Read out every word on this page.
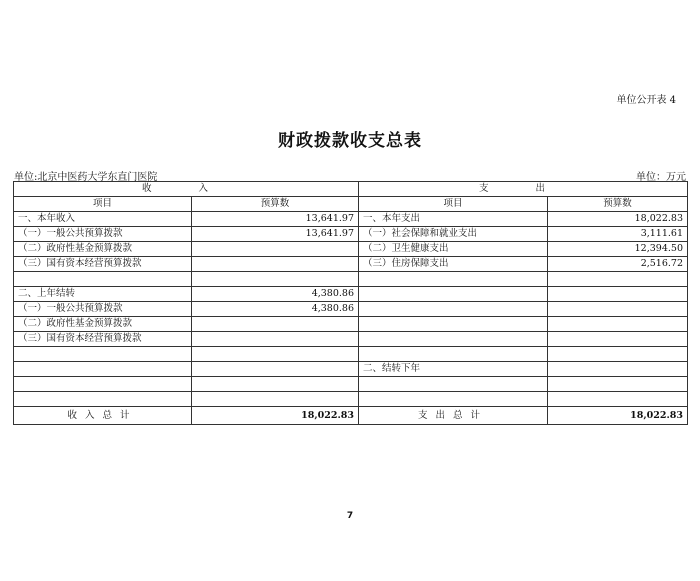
单位公开表 4
财政拨款收支总表
单位:北京中医药大学东直门医院	单位：万元
收 入		支 出	
项目	预算数	项目	预算数
一、本年收入	13,641.97	一、本年支出	18,022.83
（一）一般公共预算拨款	13,641.97	（一）社会保障和就业支出	3,111.61
（二）政府性基金预算拨款		（二）卫生健康支出	12,394.50
（三）国有资本经营预算拨款		（三）住房保障支出	2,516.72

二、上年结转	4,380.86		
（一）一般公共预算拨款	4,380.86		
（二）政府性基金预算拨款			
（三）国有资本经营预算拨款			

		二、结转下年	

收入总计	18,022.83	支出总计	18,022.83
7
